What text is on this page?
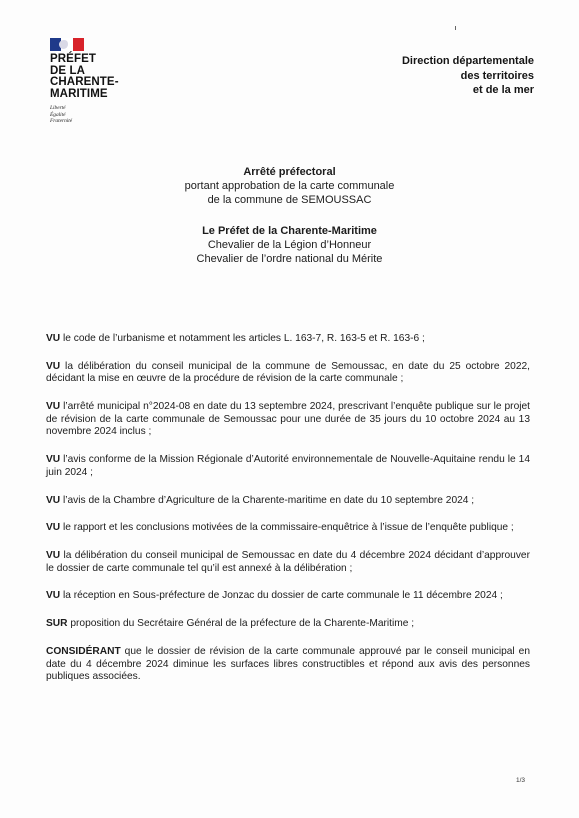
PRÉFET
DE LA
CHARENTE-
MARITIME
Liberté
Égalité
Fraternité
Direction départementale
des territoires
et de la mer
Arrêté préfectoral
portant approbation de la carte communale
de la commune de SEMOUSSAC
Le Préfet de la Charente-Maritime
Chevalier de la Légion d’Honneur
Chevalier de l’ordre national du Mérite

VU le code de l’urbanisme et notamment les articles L. 163-7, R. 163-5 et R. 163-6 ;

VU la délibération du conseil municipal de la commune de Semoussac, en date du 25 octobre 2022, décidant la mise en œuvre de la procédure de révision de la carte communale ;

VU l’arrêté municipal n°2024-08 en date du 13 septembre 2024, prescrivant l’enquête publique sur le projet de révision de la carte communale de Semoussac pour une durée de 35 jours du 10 octobre 2024 au 13 novembre 2024 inclus ;

VU l’avis conforme de la Mission Régionale d’Autorité environnementale de Nouvelle-Aquitaine rendu le 14 juin 2024 ;

VU l’avis de la Chambre d’Agriculture de la Charente-maritime en date du 10 septembre 2024 ;

VU le rapport et les conclusions motivées de la commissaire-enquêtrice à l’issue de l’enquête publique ;

VU la délibération du conseil municipal de Semoussac en date du 4 décembre 2024 décidant d’approuver le dossier de carte communale tel qu’il est annexé à la délibération ;

VU la réception en Sous-préfecture de Jonzac du dossier de carte communale le 11 décembre 2024 ;

SUR proposition du Secrétaire Général de la préfecture de la Charente-Maritime ;

CONSIDÉRANT que le dossier de révision de la carte communale approuvé par le conseil municipal en date du 4 décembre 2024 diminue les surfaces libres constructibles et répond aux avis des personnes publiques associées.

1/3
